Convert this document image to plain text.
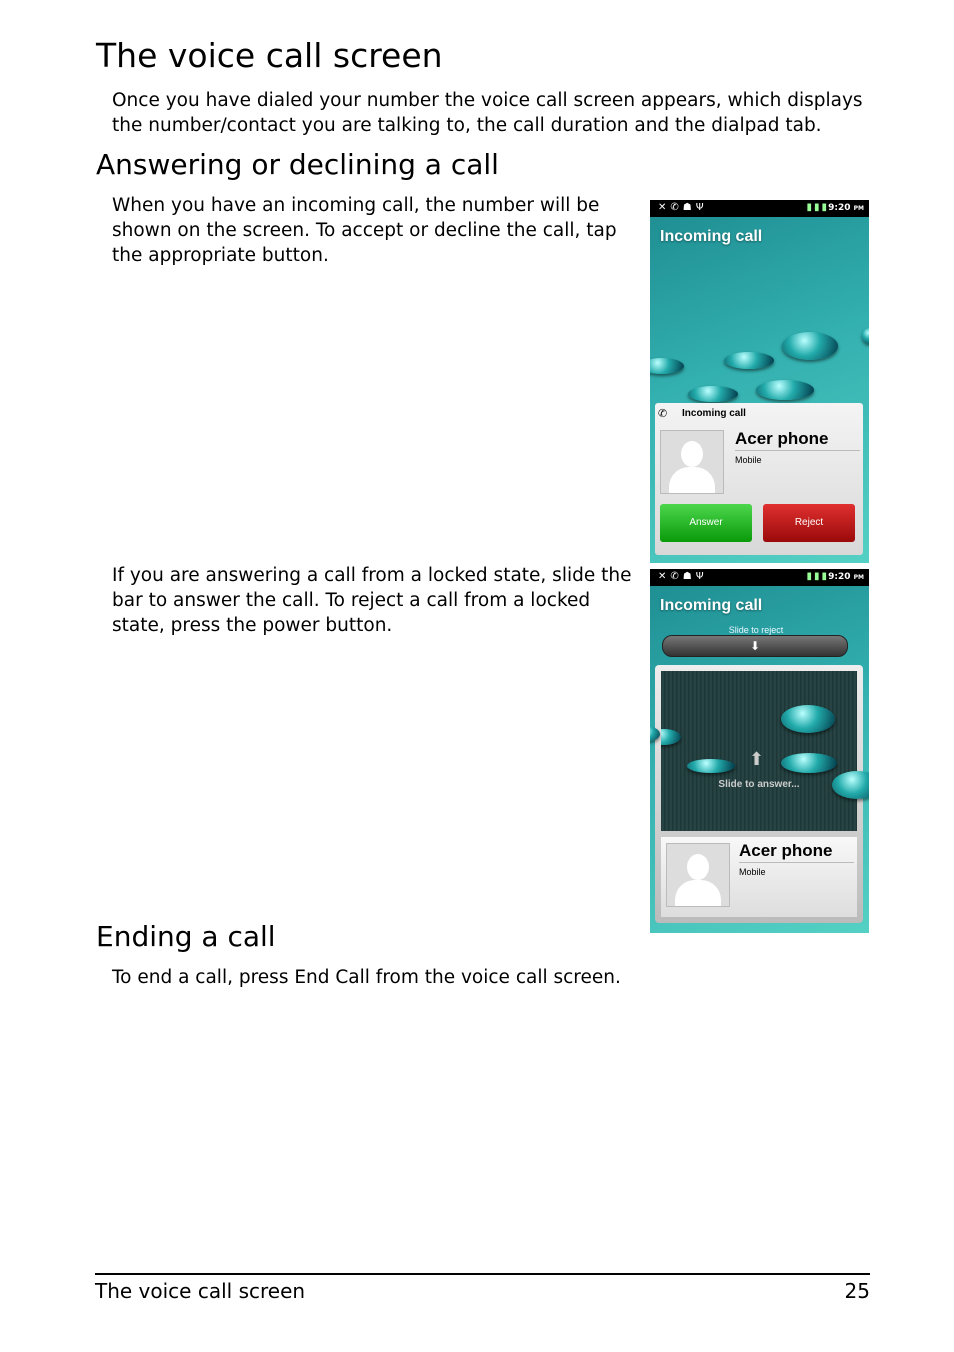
The voice call screen

Once you have dialed your number the voice call screen appears, which displays the number/contact you are talking to, the call duration and the dialpad tab.

Answering or declining a call

When you have an incoming call, the number will be shown on the screen. To accept or decline the call, tap the appropriate button.

If you are answering a call from a locked state, slide the bar to answer the call. To reject a call from a locked state, press the power button.

Ending a call

To end a call, press End Call from the voice call screen.

✕✆☗Ψ	▮▮▮ 9:20 PM
Incoming call
✆ Incoming call
Acer phone
Mobile
Answer	Reject
✕✆☗Ψ	▮▮▮ 9:20 PM
Incoming call
Slide to reject
⬇
⬆
Slide to answer...
Acer phone
Mobile
The voice call screen	25
